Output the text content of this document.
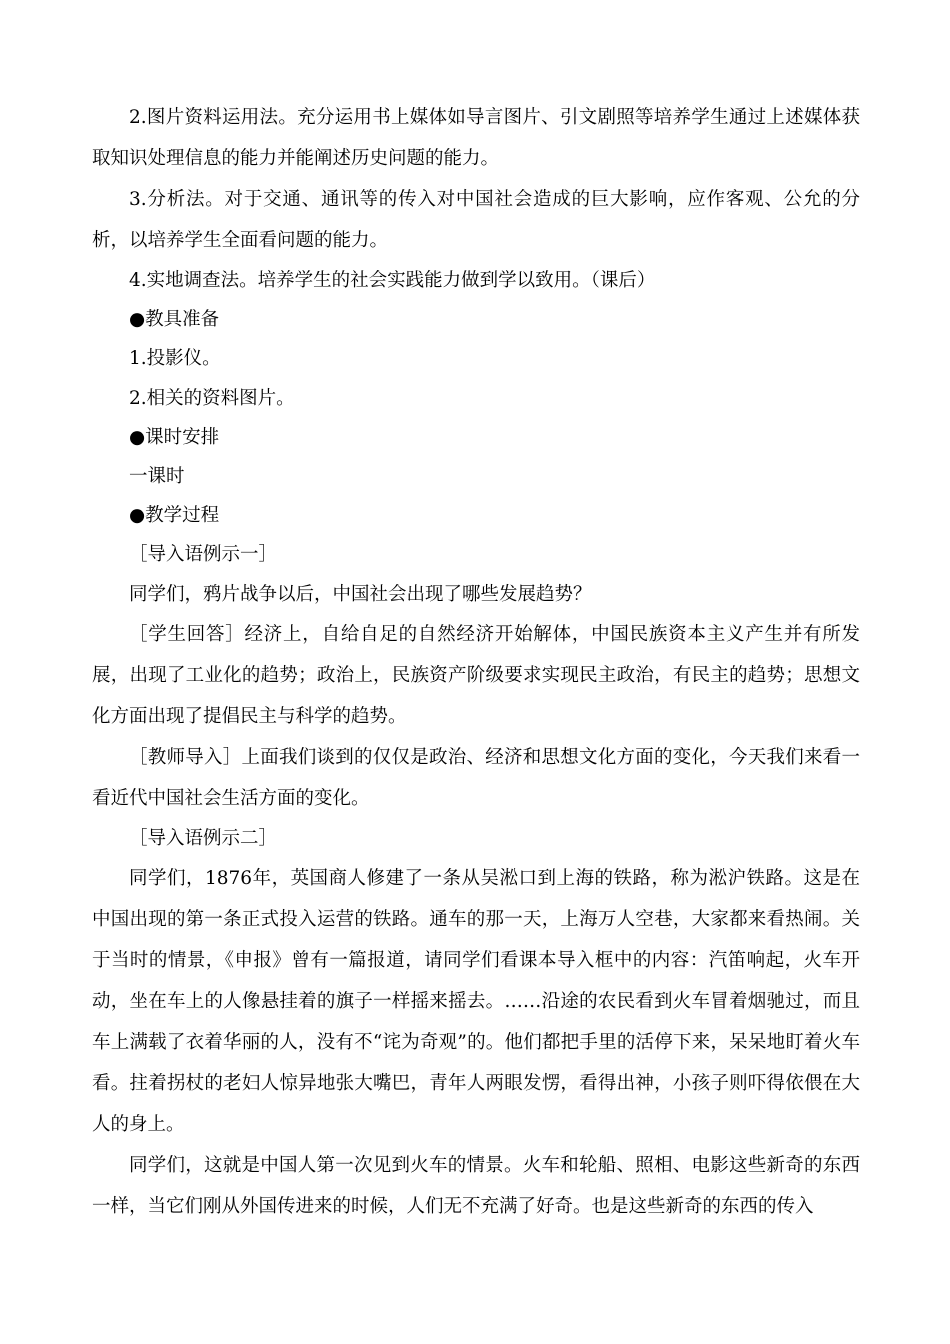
2.图片资料运用法。充分运用书上媒体如导言图片、引文剧照等培养学生通过上述媒体获取知识处理信息的能力并能阐述历史问题的能力。

3.分析法。对于交通、通讯等的传入对中国社会造成的巨大影响，应作客观、公允的分析，以培养学生全面看问题的能力。

4.实地调查法。培养学生的社会实践能力做到学以致用。（课后）

●教具准备

1.投影仪。

2.相关的资料图片。

●课时安排

一课时

●教学过程

［导入语例示一］

同学们，鸦片战争以后，中国社会出现了哪些发展趋势？

［学生回答］经济上，自给自足的自然经济开始解体，中国民族资本主义产生并有所发展，出现了工业化的趋势；政治上，民族资产阶级要求实现民主政治，有民主的趋势；思想文化方面出现了提倡民主与科学的趋势。

［教师导入］上面我们谈到的仅仅是政治、经济和思想文化方面的变化，今天我们来看一看近代中国社会生活方面的变化。

［导入语例示二］

同学们，1876年，英国商人修建了一条从吴淞口到上海的铁路，称为淞沪铁路。这是在中国出现的第一条正式投入运营的铁路。通车的那一天，上海万人空巷，大家都来看热闹。关于当时的情景，《申报》曾有一篇报道，请同学们看课本导入框中的内容：汽笛响起，火车开动，坐在车上的人像悬挂着的旗子一样摇来摇去。……沿途的农民看到火车冒着烟驰过，而且车上满载了衣着华丽的人，没有不“诧为奇观”的。他们都把手里的活停下来，呆呆地盯着火车看。拄着拐杖的老妇人惊异地张大嘴巴，青年人两眼发愣，看得出神，小孩子则吓得依偎在大人的身上。

同学们，这就是中国人第一次见到火车的情景。火车和轮船、照相、电影这些新奇的东西一样，当它们刚从外国传进来的时候，人们无不充满了好奇。也是这些新奇的东西的传入
